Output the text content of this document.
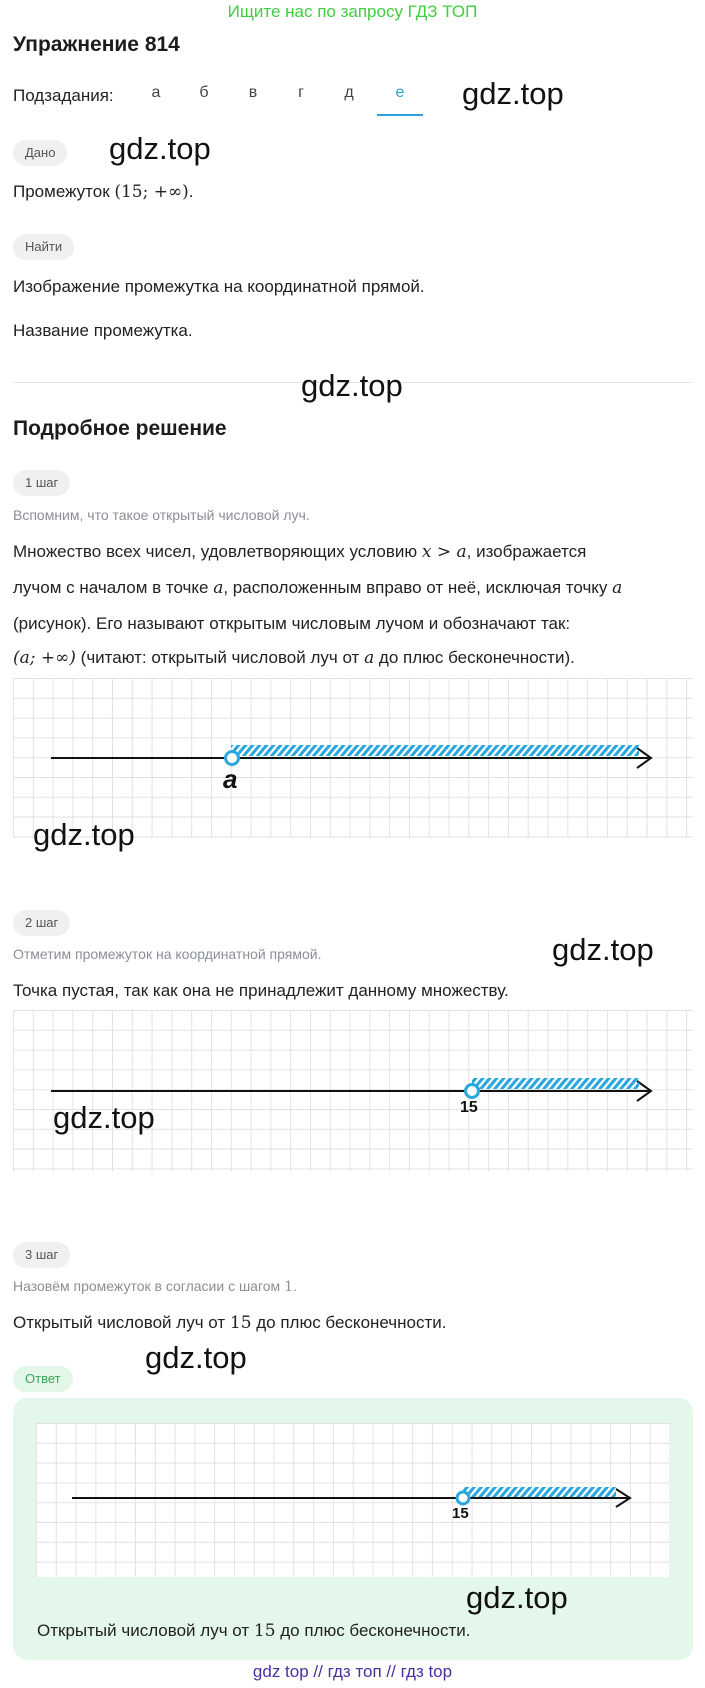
Ищите нас по запросу ГДЗ ТОП
Упражнение 814
Подзадания:	а	б	в	г	д	е	gdz.top
Дано	gdz.top
Промежуток (15; +∞).
Найти
Изображение промежутка на координатной прямой.
Название промежутка.
gdz.top
Подробное решение
1 шаг
Вспомним, что такое открытый числовой луч.
Множество всех чисел, удовлетворяющих условию x > a, изображается
лучом с началом в точке a, расположенным вправо от неё, исключая точку a
(рисунок). Его называют открытым числовым лучом и обозначают так:
(a; +∞) (читают: открытый числовой луч от a до плюс бесконечности).
a
gdz.top
2 шаг
Отметим промежуток на координатной прямой.	gdz.top
Точка пустая, так как она не принадлежит данному множеству.
15
gdz.top
3 шаг
Назовём промежуток в согласии с шагом 1.
Открытый числовой луч от 15 до плюс бесконечности.
gdz.top
Ответ
15
gdz.top
Открытый числовой луч от 15 до плюс бесконечности.
gdz top // гдз топ // гдз top
